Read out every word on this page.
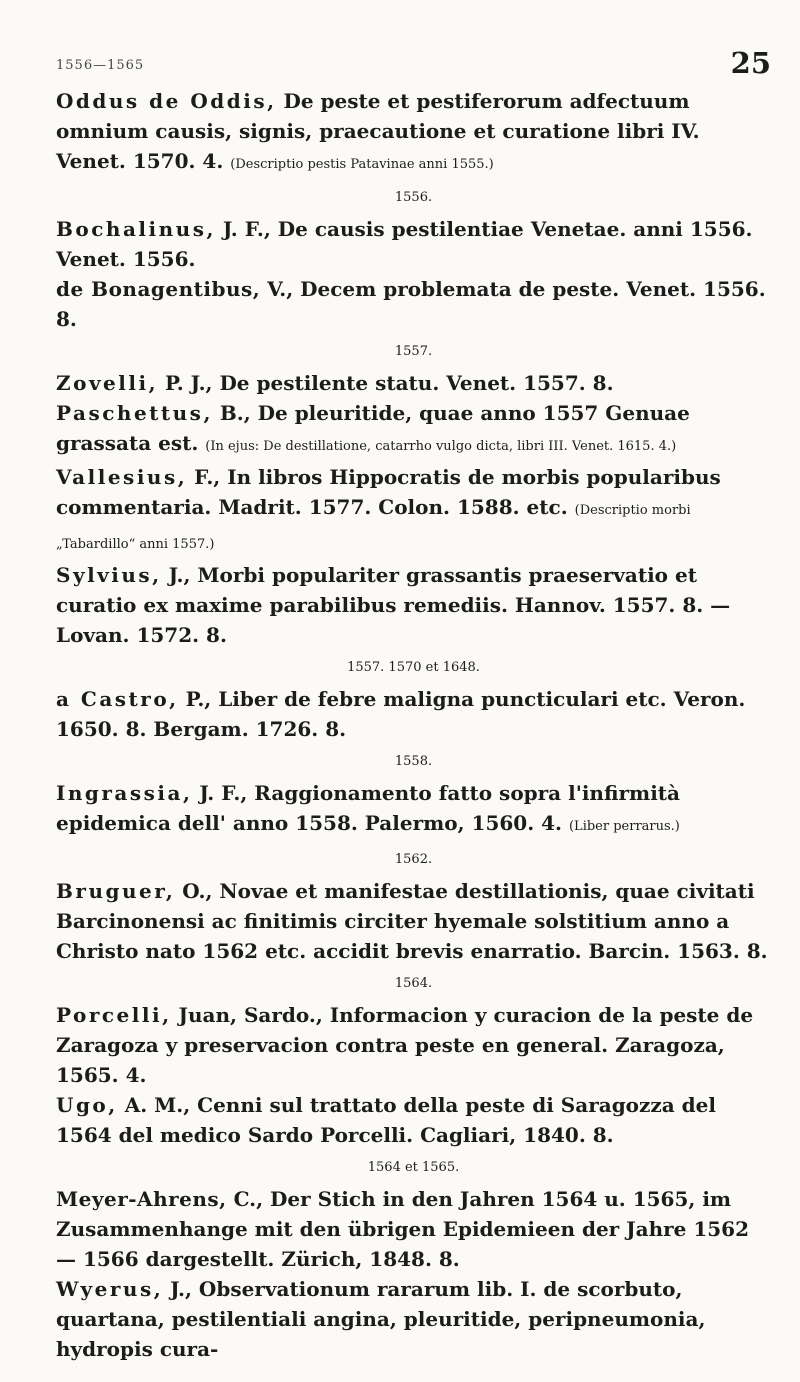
1556—1565	25

Oddus de Oddis, De peste et pestiferorum adfectuum omnium causis, signis, praecautione et curatione libri IV. Venet. 1570. 4. (Descriptio pestis Patavinae anni 1555.)

1556.

Bochalinus, J. F., De causis pestilentiae Venetae. anni 1556. Venet. 1556.

de Bonagentibus, V., Decem problemata de peste. Venet. 1556. 8.

1557.

Zovelli, P. J., De pestilente statu. Venet. 1557. 8.

Paschettus, B., De pleuritide, quae anno 1557 Genuae grassata est. (In ejus: De destillatione, catarrho vulgo dicta, libri III. Venet. 1615. 4.)

Vallesius, F., In libros Hippocratis de morbis popularibus commentaria. Madrit. 1577. Colon. 1588. etc. (Descriptio morbi „Tabardillo“ anni 1557.)

Sylvius, J., Morbi populariter grassantis praeservatio et curatio ex maxime parabilibus remediis. Hannov. 1557. 8. — Lovan. 1572. 8.

1557. 1570 et 1648.

a Castro, P., Liber de febre maligna puncticulari etc. Veron. 1650. 8. Bergam. 1726. 8.

1558.

Ingrassia, J. F., Raggionamento fatto sopra l'infirmità epidemica dell' anno 1558. Palermo, 1560. 4. (Liber perrarus.)

1562.

Bruguer, O., Novae et manifestae destillationis, quae civitati Barcinonensi ac finitimis circiter hyemale solstitium anno a Christo nato 1562 etc. accidit brevis enarratio. Barcin. 1563. 8.

1564.

Porcelli, Juan, Sardo., Informacion y curacion de la peste de Zaragoza y preservacion contra peste en general. Zaragoza, 1565. 4.

Ugo, A. M., Cenni sul trattato della peste di Saragozza del 1564 del medico Sardo Porcelli. Cagliari, 1840. 8.

1564 et 1565.

Meyer-Ahrens, C., Der Stich in den Jahren 1564 u. 1565, im Zusammenhange mit den übrigen Epidemieen der Jahre 1562 — 1566 dargestellt. Zürich, 1848. 8.

Wyerus, J., Observationum rararum lib. I. de scorbuto, quartana, pestilentiali angina, pleuritide, peripneumonia, hydropis cura-
